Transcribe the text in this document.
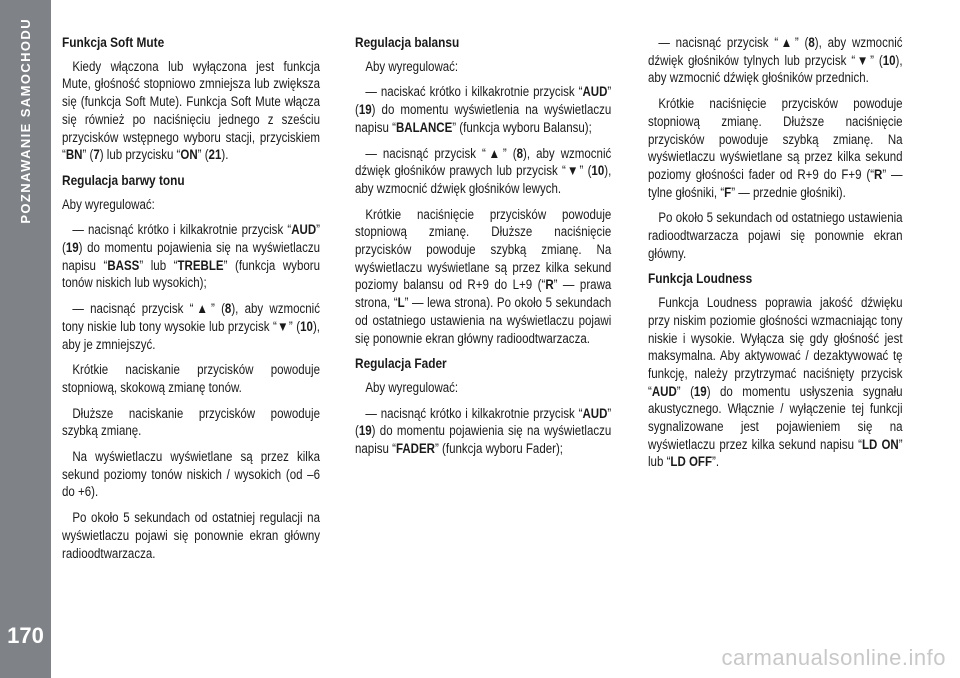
POZNAWANIE SAMOCHODU
170
Funkcja Soft Mute

Kiedy włączona lub wyłączona jest funkcja Mute, głośność stopniowo zmniejsza lub zwiększa się (funkcja Soft Mute). Funkcja Soft Mute włącza się również po naciśnięciu jednego z sześciu przycisków wstępnego wyboru stacji, przyciskiem “BN” (7) lub przycisku “ON” (21).

Regulacja barwy tonu

Aby wyregulować:

— nacisnąć krótko i kilkakrotnie przycisk “AUD” (19) do momentu pojawienia się na wyświetlaczu napisu “BASS” lub “TREBLE” (funkcja wyboru tonów niskich lub wysokich);

— nacisnąć przycisk “▲” (8), aby wzmocnić tony niskie lub tony wysokie lub przycisk “▼” (10), aby je zmniejszyć.

Krótkie naciskanie przycisków powoduje stopniową, skokową zmianę tonów.

Dłuższe naciskanie przycisków powoduje szybką zmianę.

Na wyświetlaczu wyświetlane są przez kilka sekund poziomy tonów niskich / wysokich (od –6 do +6).

Po około 5 sekundach od ostatniej regulacji na wyświetlaczu pojawi się ponownie ekran główny radioodtwarzacza.

Regulacja balansu

Aby wyregulować:

— naciskać krótko i kilkakrotnie przycisk “AUD” (19) do momentu wyświetlenia na wyświetlaczu napisu “BALANCE” (funkcja wyboru Balansu);

— nacisnąć przycisk “▲” (8), aby wzmocnić dźwięk głośników prawych lub przycisk “▼” (10), aby wzmocnić dźwięk głośników lewych.

Krótkie naciśnięcie przycisków powoduje stopniową zmianę. Dłuższe naciśnięcie przycisków powoduje szybką zmianę. Na wyświetlaczu wyświetlane są przez kilka sekund poziomy balansu od R+9 do L+9 (“R” — prawa strona, “L” — lewa strona). Po około 5 sekundach od ostatniego ustawienia na wyświetlaczu pojawi się ponownie ekran główny radioodtwarzacza.

Regulacja Fader

Aby wyregulować:

— nacisnąć krótko i kilkakrotnie przycisk “AUD” (19) do momentu pojawienia się na wyświetlaczu napisu “FADER” (funkcja wyboru Fader);

— nacisnąć przycisk “▲” (8), aby wzmocnić dźwięk głośników tylnych lub przycisk “▼” (10), aby wzmocnić dźwięk głośników przednich.

Krótkie naciśnięcie przycisków powoduje stopniową zmianę. Dłuższe naciśnięcie przycisków powoduje szybką zmianę. Na wyświetlaczu wyświetlane są przez kilka sekund poziomy głośności fader od R+9 do F+9 (“R” — tylne głośniki, “F” — przednie głośniki).

Po około 5 sekundach od ostatniego ustawienia radioodtwarzacza pojawi się ponownie ekran główny.

Funkcja Loudness

Funkcja Loudness poprawia jakość dźwięku przy niskim poziomie głośności wzmacniając tony niskie i wysokie. Wyłącza się gdy głośność jest maksymalna. Aby aktywować / dezaktywować tę funkcję, należy przytrzymać naciśnięty przycisk “AUD” (19) do momentu usłyszenia sygnału akustycznego. Włącznie / wyłączenie tej funkcji sygnalizowane jest pojawieniem się na wyświetlaczu przez kilka sekund napisu “LD ON” lub “LD OFF”.

carmanualsonline.info
